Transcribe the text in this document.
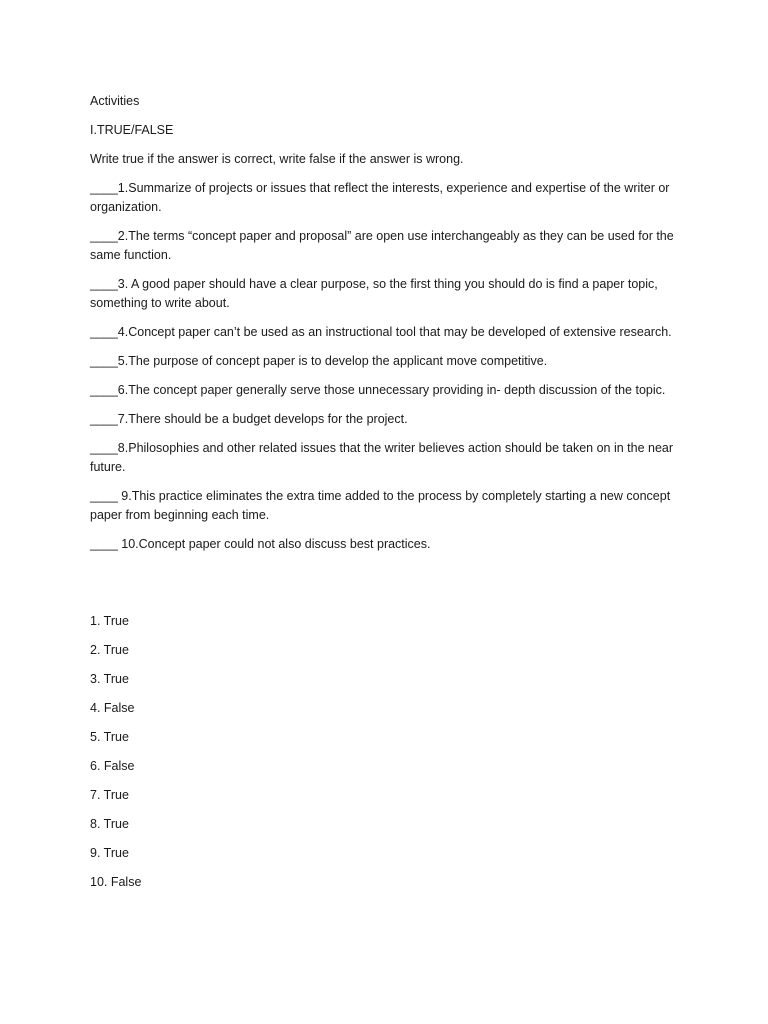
Activities

I.TRUE/FALSE

Write true if the answer is correct, write false if the answer is wrong.

____1.Summarize of projects or issues that reflect the interests, experience and expertise of the writer or organization.

____2.The terms “concept paper and proposal” are open use interchangeably as they can be used for the same function.

____3. A good paper should have a clear purpose, so the first thing you should do is find a paper topic, something to write about.

____4.Concept paper can’t be used as an instructional tool that may be developed of extensive research.

____5.The purpose of concept paper is to develop the applicant move competitive.

____6.The concept paper generally serve those unnecessary providing in- depth discussion of the topic.

____7.There should be a budget develops for the project.

____8.Philosophies and other related issues that the writer believes action should be taken on in the near future.

____ 9.This practice eliminates the extra time added to the process by completely starting a new concept paper from beginning each time.

____ 10.Concept paper could not also discuss best practices.

1. True
2. True
3. True
4. False
5. True
6. False
7. True
8. True
9. True
10. False
